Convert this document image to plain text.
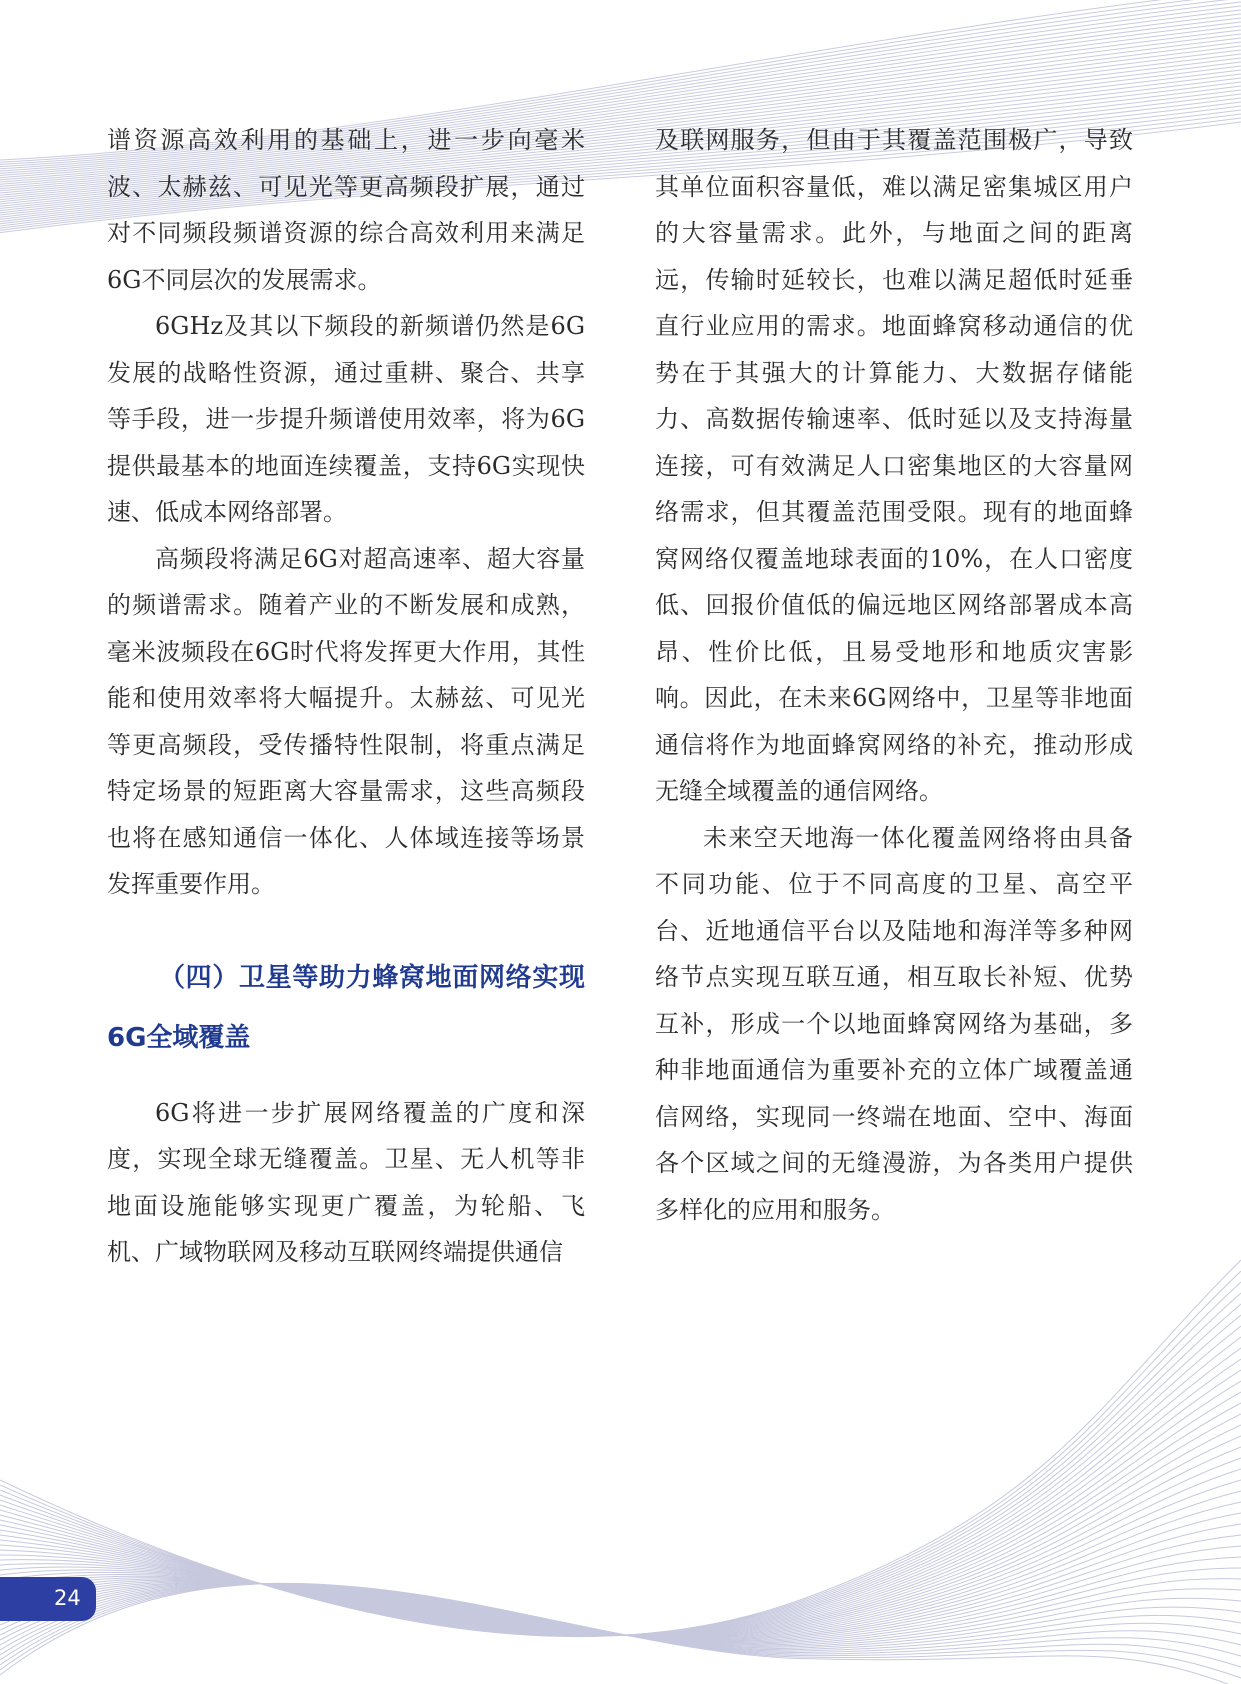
谱资源高效利用的基础上，进一步向毫米波、太赫兹、可见光等更高频段扩展，通过对不同频段频谱资源的综合高效利用来满足6G不同层次的发展需求。

6GHz及其以下频段的新频谱仍然是6G发展的战略性资源，通过重耕、聚合、共享等手段，进一步提升频谱使用效率，将为6G提供最基本的地面连续覆盖，支持6G实现快速、低成本网络部署。

高频段将满足6G对超高速率、超大容量的频谱需求。随着产业的不断发展和成熟，毫米波频段在6G时代将发挥更大作用，其性能和使用效率将大幅提升。太赫兹、可见光等更高频段，受传播特性限制，将重点满足特定场景的短距离大容量需求，这些高频段也将在感知通信一体化、人体域连接等场景发挥重要作用。

（四）卫星等助力蜂窝地面网络实现6G全域覆盖

6G将进一步扩展网络覆盖的广度和深度，实现全球无缝覆盖。卫星、无人机等非地面设施能够实现更广覆盖，为轮船、飞机、广域物联网及移动互联网终端提供通信

及联网服务，但由于其覆盖范围极广，导致其单位面积容量低，难以满足密集城区用户的大容量需求。此外，与地面之间的距离远，传输时延较长，也难以满足超低时延垂直行业应用的需求。地面蜂窝移动通信的优势在于其强大的计算能力、大数据存储能力、高数据传输速率、低时延以及支持海量连接，可有效满足人口密集地区的大容量网络需求，但其覆盖范围受限。现有的地面蜂窝网络仅覆盖地球表面的10%，在人口密度低、回报价值低的偏远地区网络部署成本高昂、性价比低，且易受地形和地质灾害影响。因此，在未来6G网络中，卫星等非地面通信将作为地面蜂窝网络的补充，推动形成无缝全域覆盖的通信网络。

未来空天地海一体化覆盖网络将由具备不同功能、位于不同高度的卫星、高空平台、近地通信平台以及陆地和海洋等多种网络节点实现互联互通，相互取长补短、优势互补，形成一个以地面蜂窝网络为基础，多种非地面通信为重要补充的立体广域覆盖通信网络，实现同一终端在地面、空中、海面各个区域之间的无缝漫游，为各类用户提供多样化的应用和服务。

24
